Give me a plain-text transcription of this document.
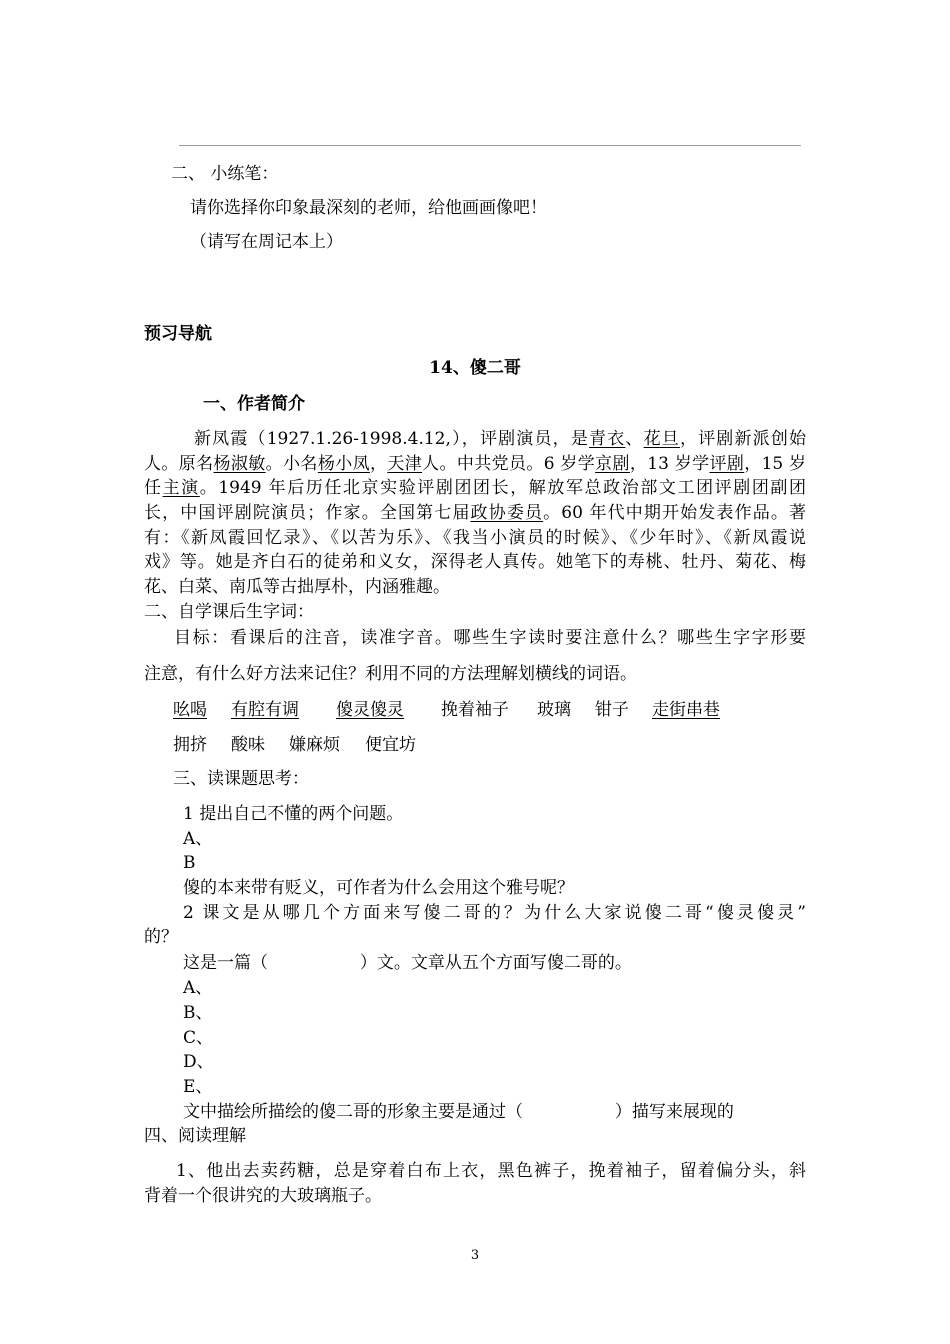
二、 小练笔：
请你选择你印象最深刻的老师，给他画画像吧！
（请写在周记本上）
预习导航
14、傻二哥
一、作者简介
新凤霞（1927.1.26-1998.4.12,），评剧演员，是青衣、花旦，评剧新派创始
人。原名杨淑敏。小名杨小凤，天津人。中共党员。6 岁学京剧，13 岁学评剧，15 岁
任主演。1949 年后历任北京实验评剧团团长，解放军总政治部文工团评剧团副团
长，中国评剧院演员；作家。全国第七届政协委员。60 年代中期开始发表作品。著
有：《新凤霞回忆录》、《以苦为乐》、《我当小演员的时候》、《少年时》、《新凤霞说
戏》等。她是齐白石的徒弟和义女，深得老人真传。她笔下的寿桃、牡丹、菊花、梅
花、白菜、南瓜等古拙厚朴，内涵雅趣。
二、自学课后生字词：
目标：看课后的注音，读准字音。哪些生字读时要注意什么？哪些生字字形要
注意，有什么好方法来记住？利用不同的方法理解划横线的词语。
吆喝 有腔有调 傻灵傻灵 挽着袖子 玻璃 钳子 走街串巷
拥挤 酸味 嫌麻烦 便宜坊
三、读课题思考：
1 提出自己不懂的两个问题。
A、
B
傻的本来带有贬义，可作者为什么会用这个雅号呢？
2 课文是从哪几个方面来写傻二哥的？为什么大家说傻二哥“傻灵傻灵”
的？
这是一篇（                 ）文。文章从五个方面写傻二哥的。
A、
B、
C、
D、
E、
文中描绘所描绘的傻二哥的形象主要是通过（                 ）描写来展现的
四、阅读理解
1、他出去卖药糖，总是穿着白布上衣，黑色裤子，挽着袖子，留着偏分头，斜
背着一个很讲究的大玻璃瓶子。
3
